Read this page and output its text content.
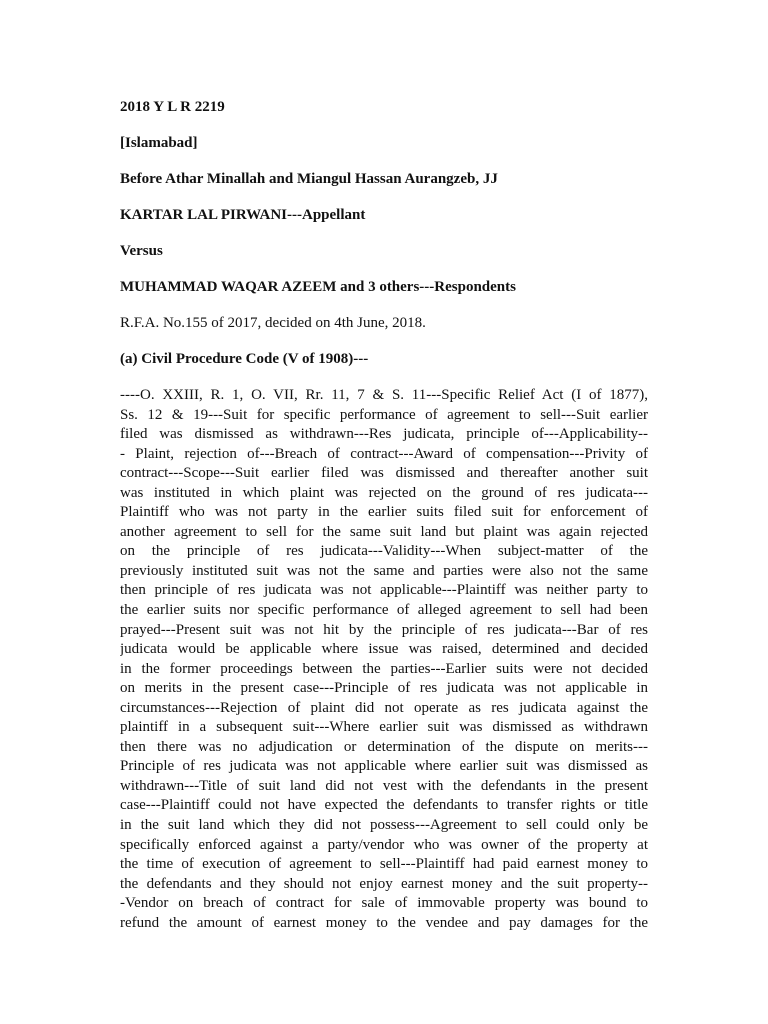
2018 Y L R 2219
[Islamabad]
Before Athar Minallah and Miangul Hassan Aurangzeb, JJ
KARTAR LAL PIRWANI---Appellant
Versus
MUHAMMAD WAQAR AZEEM and 3 others---Respondents
R.F.A. No.155 of 2017, decided on 4th June, 2018.
(a) Civil Procedure Code (V of 1908)---
----O. XXIII, R. 1, O. VII, Rr. 11, 7 & S. 11---Specific Relief Act (I of 1877),
Ss. 12 & 19---Suit for specific performance of agreement to sell---Suit earlier
filed was dismissed as withdrawn---Res judicata, principle of---Applicability--
- Plaint, rejection of---Breach of contract---Award of compensation---Privity of
contract---Scope---Suit earlier filed was dismissed and thereafter another suit
was instituted in which plaint was rejected on the ground of res judicata---
Plaintiff who was not party in the earlier suits filed suit for enforcement of
another agreement to sell for the same suit land but plaint was again rejected
on the principle of res judicata---Validity---When subject-matter of the
previously instituted suit was not the same and parties were also not the same
then principle of res judicata was not applicable---Plaintiff was neither party to
the earlier suits nor specific performance of alleged agreement to sell had been
prayed---Present suit was not hit by the principle of res judicata---Bar of res
judicata would be applicable where issue was raised, determined and decided
in the former proceedings between the parties---Earlier suits were not decided
on merits in the present case---Principle of res judicata was not applicable in
circumstances---Rejection of plaint did not operate as res judicata against the
plaintiff in a subsequent suit---Where earlier suit was dismissed as withdrawn
then there was no adjudication or determination of the dispute on merits---
Principle of res judicata was not applicable where earlier suit was dismissed as
withdrawn---Title of suit land did not vest with the defendants in the present
case---Plaintiff could not have expected the defendants to transfer rights or title
in the suit land which they did not possess---Agreement to sell could only be
specifically enforced against a party/vendor who was owner of the property at
the time of execution of agreement to sell---Plaintiff had paid earnest money to
the defendants and they should not enjoy earnest money and the suit property--
-Vendor on breach of contract for sale of immovable property was bound to
refund the amount of earnest money to the vendee and pay damages for the
